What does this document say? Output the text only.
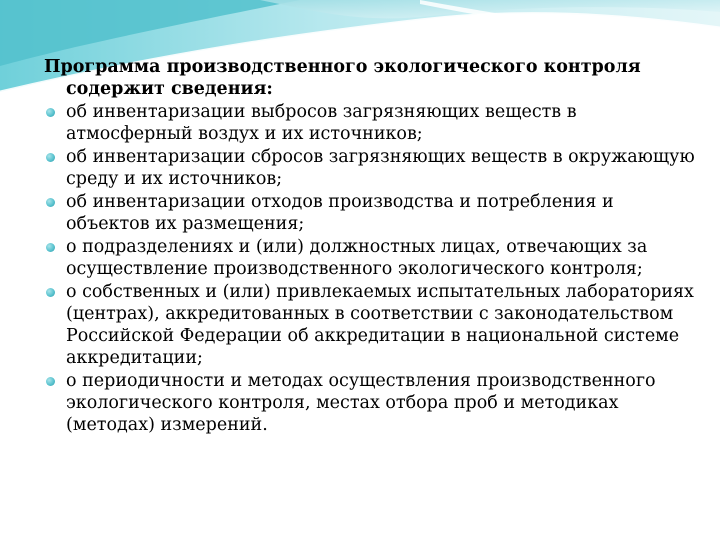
Программа производственного экологического контроля содержит сведения:
об инвентаризации выбросов загрязняющих веществ в атмосферный воздух и их источников;
об инвентаризации сбросов загрязняющих веществ в окружающую среду и их источников;
об инвентаризации отходов производства и потребления и объектов их размещения;
о подразделениях и (или) должностных лицах, отвечающих за осуществление производственного экологического контроля;
о собственных и (или) привлекаемых испытательных лабораториях (центрах), аккредитованных в соответствии с законодательством Российской Федерации об аккредитации в национальной системе аккредитации;
о периодичности и методах осуществления производственного экологического контроля, местах отбора проб и методиках (методах) измерений.
